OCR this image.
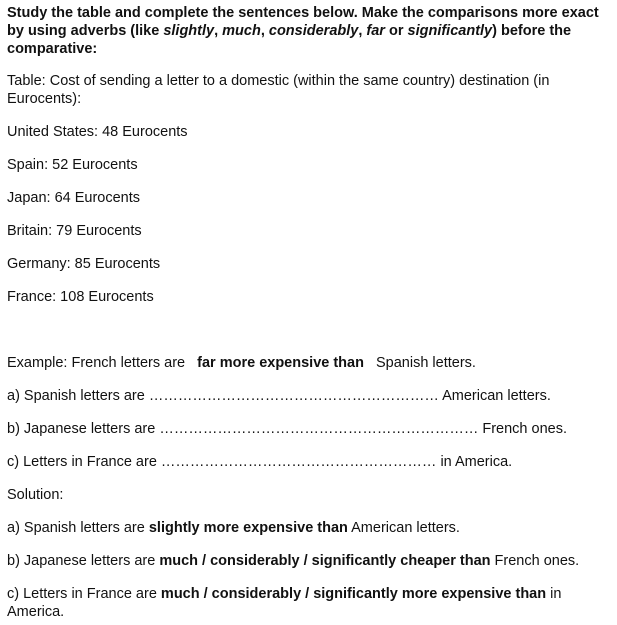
Study the table and complete the sentences below. Make the comparisons more exact by using adverbs (like slightly, much, considerably, far or significantly) before the comparative:

Table: Cost of sending a letter to a domestic (within the same country) destination (in Eurocents):

United States: 48 Eurocents

Spain: 52 Eurocents

Japan: 64 Eurocents

Britain: 79 Eurocents

Germany: 85 Eurocents

France: 108 Eurocents

Example: French letters are far more expensive than Spanish letters.

a) Spanish letters are …………………………………………………… American letters.

b) Japanese letters are ………………………………………………………… French ones.

c) Letters in France are ………………………………………………… in America.

Solution:

a) Spanish letters are slightly more expensive than American letters.

b) Japanese letters are much / considerably / significantly cheaper than French ones.

c) Letters in France are much / considerably / significantly more expensive than in America.
